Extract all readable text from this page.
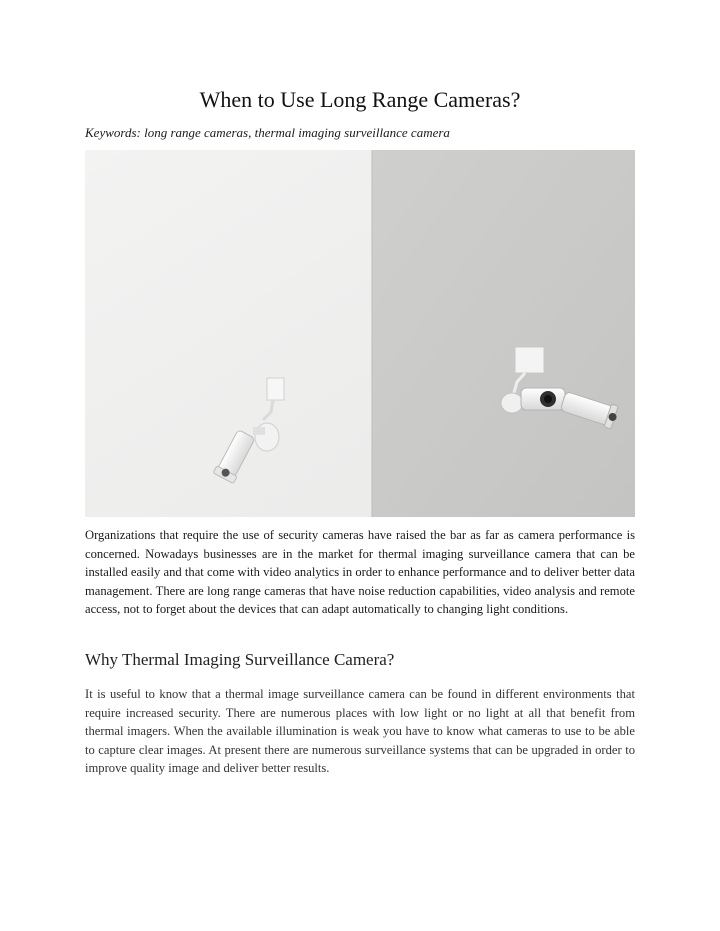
When to Use Long Range Cameras?
Keywords: long range cameras, thermal imaging surveillance camera

Organizations that require the use of security cameras have raised the bar as far as camera performance is concerned. Nowadays businesses are in the market for thermal imaging surveillance camera that can be installed easily and that come with video analytics in order to enhance performance and to deliver better data management. There are long range cameras that have noise reduction capabilities, video analysis and remote access, not to forget about the devices that can adapt automatically to changing light conditions.

Why Thermal Imaging Surveillance Camera?

It is useful to know that a thermal image surveillance camera can be found in different environments that require increased security. There are numerous places with low light or no light at all that benefit from thermal imagers. When the available illumination is weak you have to know what cameras to use to be able to capture clear images. At present there are numerous surveillance systems that can be upgraded in order to improve quality image and deliver better results.
